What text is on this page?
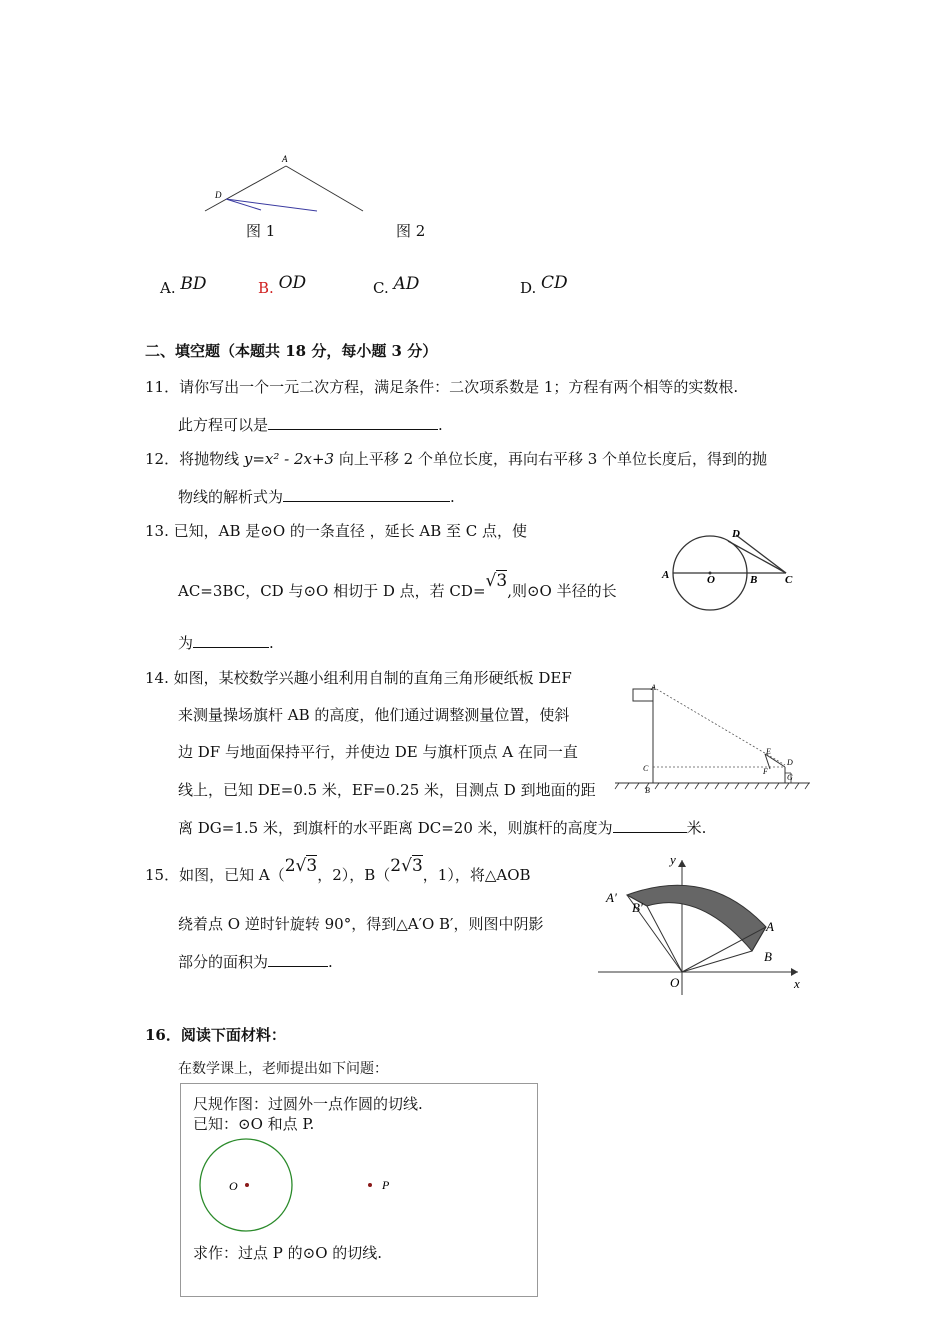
A
D
图 1	图 2
A. BD	B. OD	C. AD	D. CD
二、填空题（本题共 18 分，每小题 3 分）
11．请你写出一个一元二次方程，满足条件：二次项系数是 1；方程有两个相等的实数根.
此方程可以是	.
12．将抛物线 y=x² - 2x+3 向上平移 2 个单位长度，再向右平移 3 个单位长度后，得到的抛
物线的解析式为	.
13. 已知，AB 是⊙O 的一条直径 ，延长 AB 至 C 点，使
AC=3BC，CD 与⊙O 相切于 D 点，若 CD=√3,则⊙O 半径的长
为	.
A	O	B	C
D
14. 如图，某校数学兴趣小组利用自制的直角三角形硬纸板 DEF
来测量操场旗杆 AB 的高度，他们通过调整测量位置，使斜
边 DF 与地面保持平行，并使边 DE 与旗杆顶点 A 在同一直
线上，已知 DE=0.5 米，EF=0.25 米，目测点 D 到地面的距
离 DG=1.5 米，到旗杆的水平距离 DC=20 米，则旗杆的高度为	米.
A
C
B
E
D
F
G
15．如图，已知 A（2√3，2），B（2√3，1），将△AOB
绕着点 O 逆时针旋转 90°，得到△A′O B′，则图中阴影
部分的面积为	.
y
x
O
A
B
A′
B′
16．阅读下面材料：
在数学课上，老师提出如下问题：
尺规作图：过圆外一点作圆的切线.
已知：⊙O 和点 P.
O	P
求作：过点 P 的⊙O 的切线.
